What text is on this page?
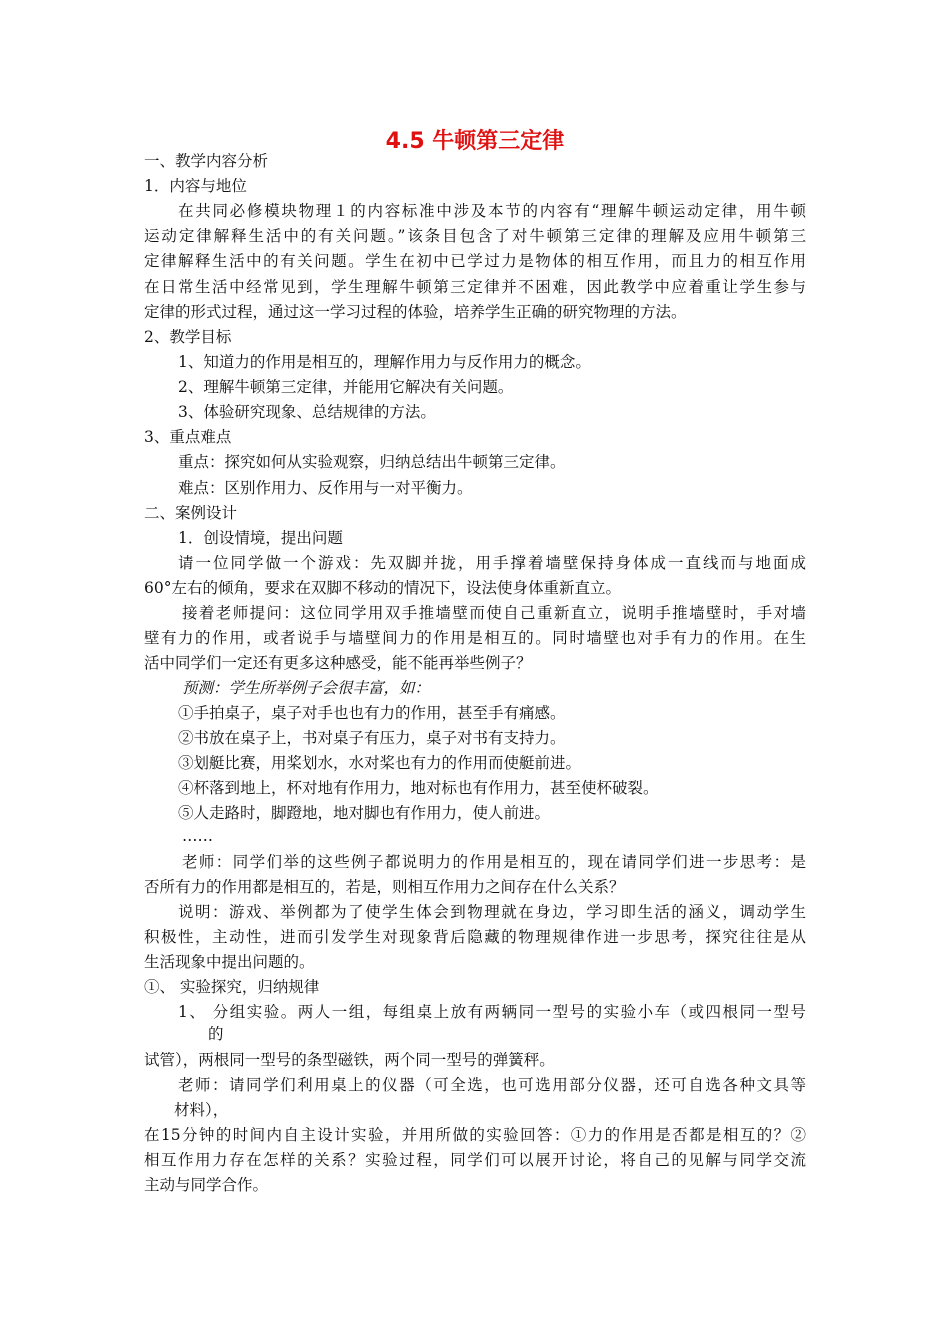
4.5 牛顿第三定律
一、教学内容分析
1．内容与地位
在共同必修模块物理１的内容标准中涉及本节的内容有“理解牛顿运动定律，用牛顿
运动定律解释生活中的有关问题。”该条目包含了对牛顿第三定律的理解及应用牛顿第三
定律解释生活中的有关问题。学生在初中已学过力是物体的相互作用，而且力的相互作用
在日常生活中经常见到，学生理解牛顿第三定律并不困难，因此教学中应着重让学生参与
定律的形式过程，通过这一学习过程的体验，培养学生正确的研究物理的方法。
2、教学目标
1、知道力的作用是相互的，理解作用力与反作用力的概念。
2、理解牛顿第三定律，并能用它解决有关问题。
3、体验研究现象、总结规律的方法。
3、重点难点
重点：探究如何从实验观察，归纳总结出牛顿第三定律。
难点：区别作用力、反作用与一对平衡力。
二、案例设计
1．创设情境，提出问题
请一位同学做一个游戏：先双脚并拢，用手撑着墙壁保持身体成一直线而与地面成
60°左右的倾角，要求在双脚不移动的情况下，设法使身体重新直立。
接着老师提问：这位同学用双手推墙壁而使自己重新直立，说明手推墙壁时，手对墙
壁有力的作用，或者说手与墙壁间力的作用是相互的。同时墙壁也对手有力的作用。在生
活中同学们一定还有更多这种感受，能不能再举些例子？
预测：学生所举例子会很丰富，如：
①手拍桌子，桌子对手也也有力的作用，甚至手有痛感。
②书放在桌子上，书对桌子有压力，桌子对书有支持力。
③划艇比赛，用桨划水，水对桨也有力的作用而使艇前进。
④杯落到地上，杯对地有作用力，地对标也有作用力，甚至使杯破裂。
⑤人走路时，脚蹬地，地对脚也有作用力，使人前进。
……
老师：同学们举的这些例子都说明力的作用是相互的，现在请同学们进一步思考：是
否所有力的作用都是相互的，若是，则相互作用力之间存在什么关系？
说明：游戏、举例都为了使学生体会到物理就在身边，学习即生活的涵义，调动学生
积极性，主动性，进而引发学生对现象背后隐藏的物理规律作进一步思考，探究往往是从
生活现象中提出问题的。
①、 实验探究，归纳规律
1、 分组实验。两人一组，每组桌上放有两辆同一型号的实验小车（或四根同一型号
的
试管），两根同一型号的条型磁铁，两个同一型号的弹簧秤。
老师：请同学们利用桌上的仪器（可全选，也可选用部分仪器，还可自选各种文具等
材料），
在15分钟的时间内自主设计实验，并用所做的实验回答：①力的作用是否都是相互的？②
相互作用力存在怎样的关系？实验过程，同学们可以展开讨论，将自己的见解与同学交流
主动与同学合作。
